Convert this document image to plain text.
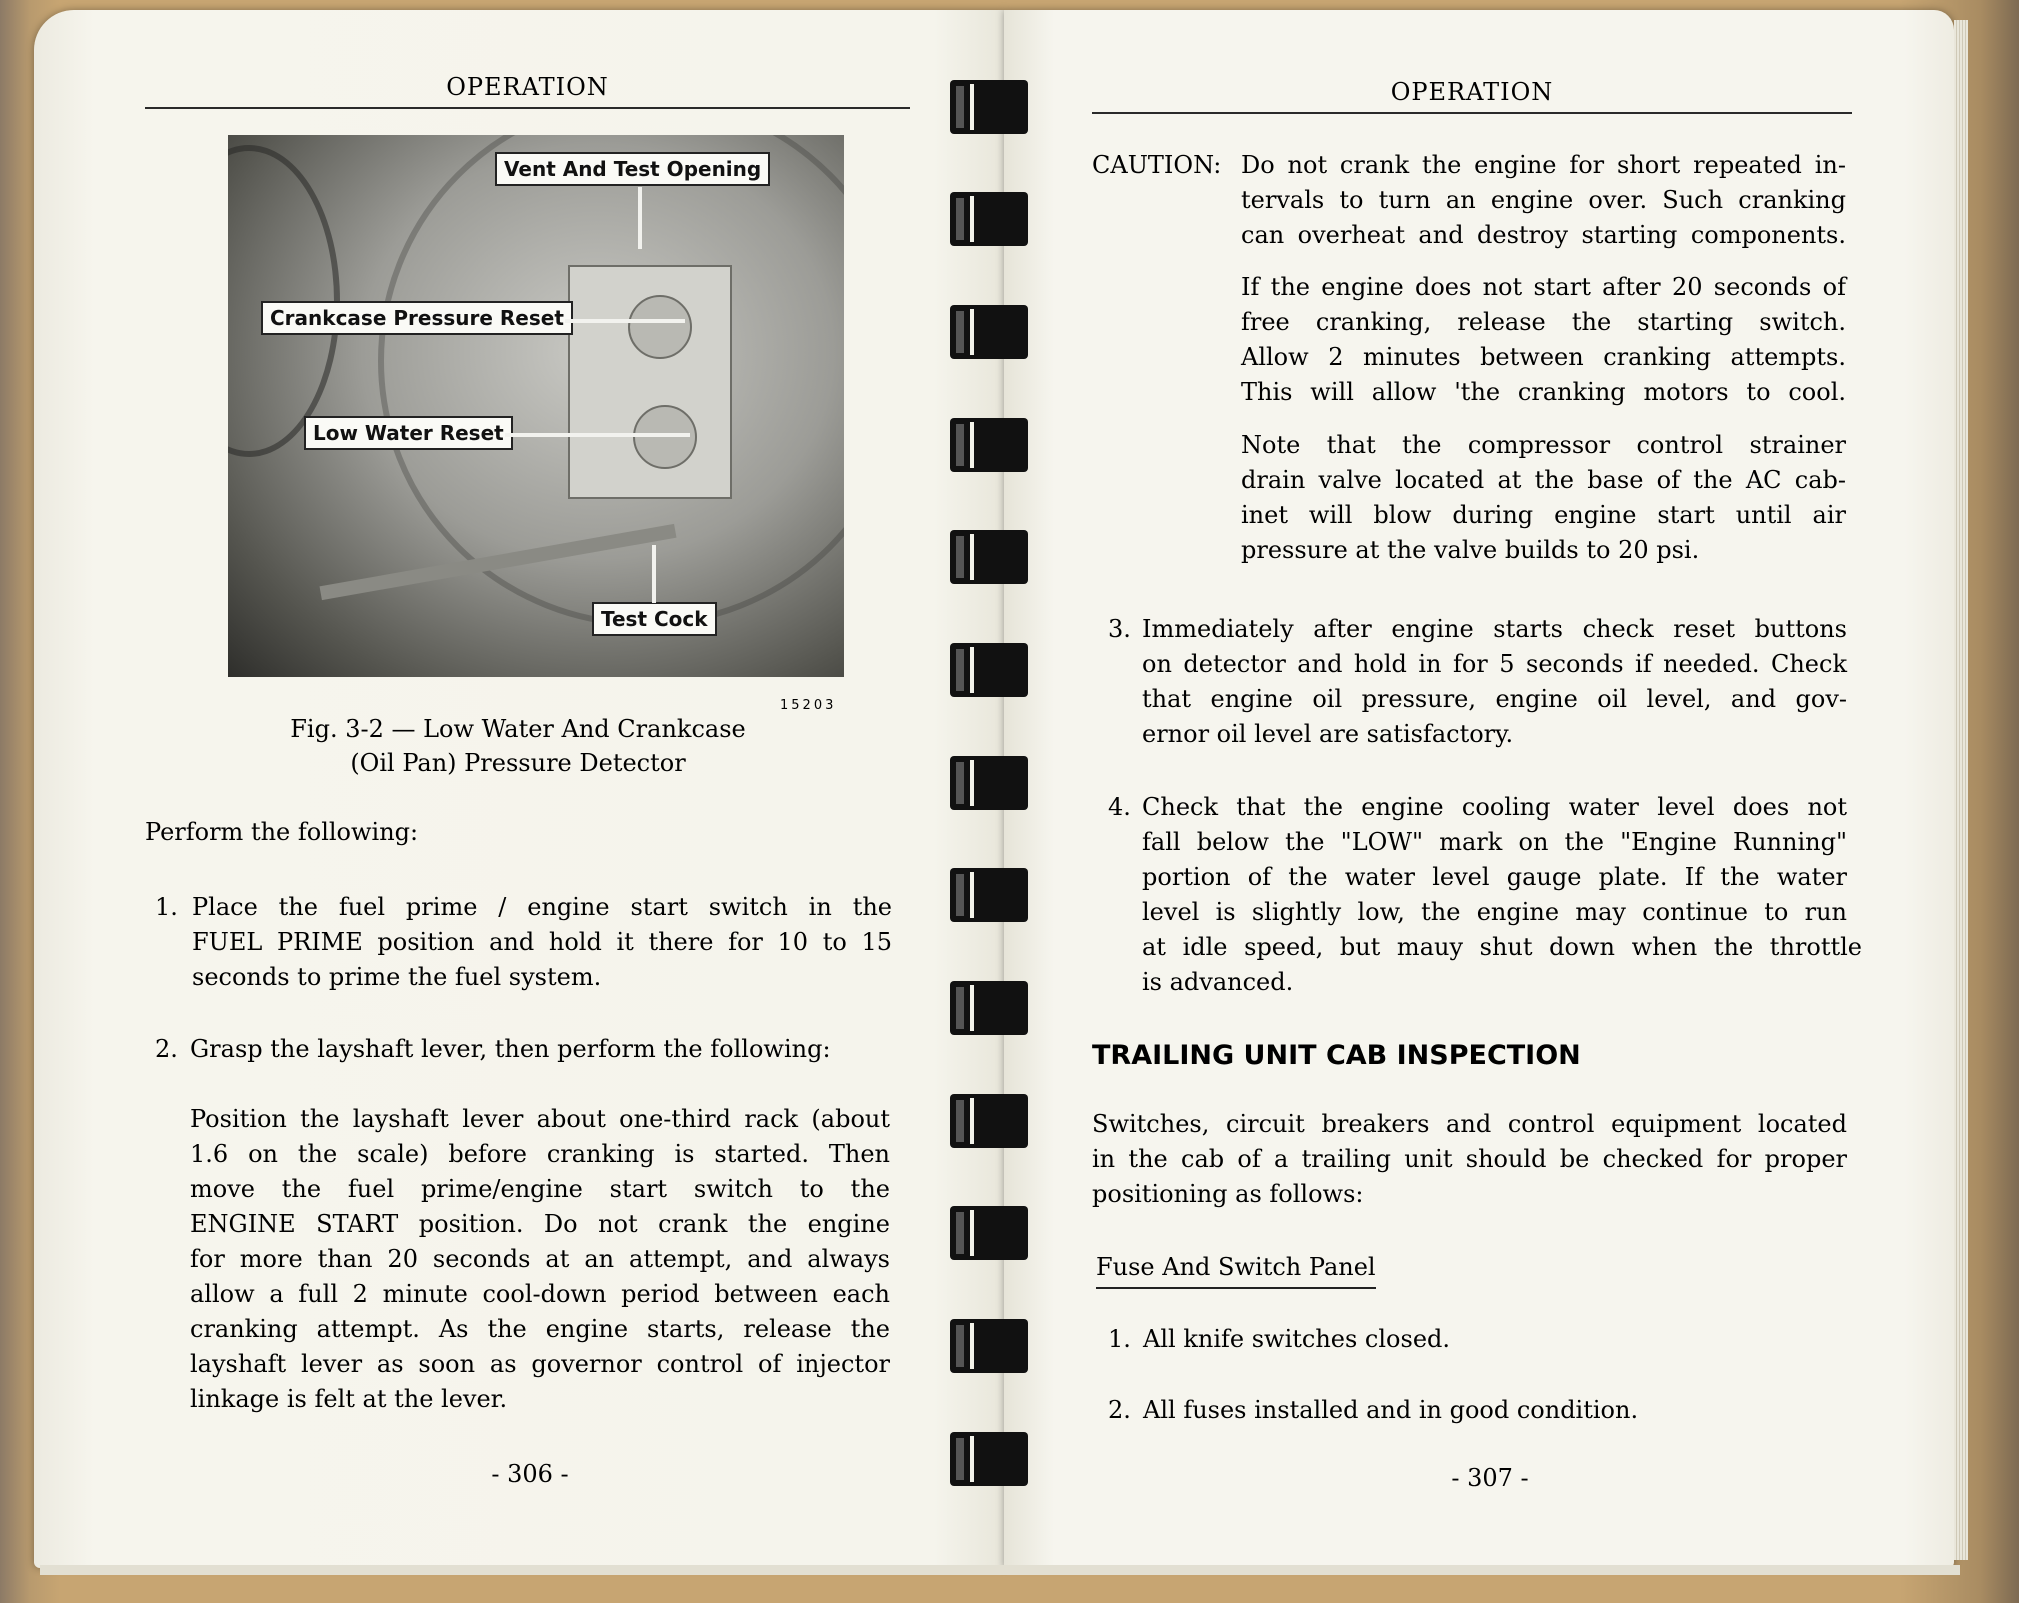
OPERATION
Vent And Test Opening
Crankcase Pressure Reset
Low Water Reset
Test Cock
15203
Fig. 3-2 — Low Water And Crankcase
(Oil Pan) Pressure Detector
Perform the following:
1. Place the fuel prime / engine start switch in the
FUEL PRIME position and hold it there for 10 to 15
seconds to prime the fuel system.
2. Grasp the layshaft lever, then perform the following:
Position the layshaft lever about one-third rack (about
1.6 on the scale) before cranking is started. Then
move the fuel prime/engine start switch to the
ENGINE START position. Do not crank the engine
for more than 20 seconds at an attempt, and always
allow a full 2 minute cool-down period between each
cranking attempt. As the engine starts, release the
layshaft lever as soon as governor control of injector
linkage is felt at the lever.
- 306 -
OPERATION
CAUTION: Do not crank the engine for short repeated in-
tervals to turn an engine over. Such cranking
can overheat and destroy starting components.
If the engine does not start after 20 seconds of
free cranking, release the starting switch.
Allow 2 minutes between cranking attempts.
This will allow 'the cranking motors to cool.
Note that the compressor control strainer
drain valve located at the base of the AC cab-
inet will blow during engine start until air
pressure at the valve builds to 20 psi.
3. Immediately after engine starts check reset buttons
on detector and hold in for 5 seconds if needed. Check
that engine oil pressure, engine oil level, and gov-
ernor oil level are satisfactory.
4. Check that the engine cooling water level does not
fall below the "LOW" mark on the "Engine Running"
portion of the water level gauge plate. If the water
level is slightly low, the engine may continue to run
at idle speed, but mauy shut down when the throttle
is advanced.
TRAILING UNIT CAB INSPECTION
Switches, circuit breakers and control equipment located
in the cab of a trailing unit should be checked for proper
positioning as follows:
Fuse And Switch Panel
1. All knife switches closed.
2. All fuses installed and in good condition.
- 307 -
